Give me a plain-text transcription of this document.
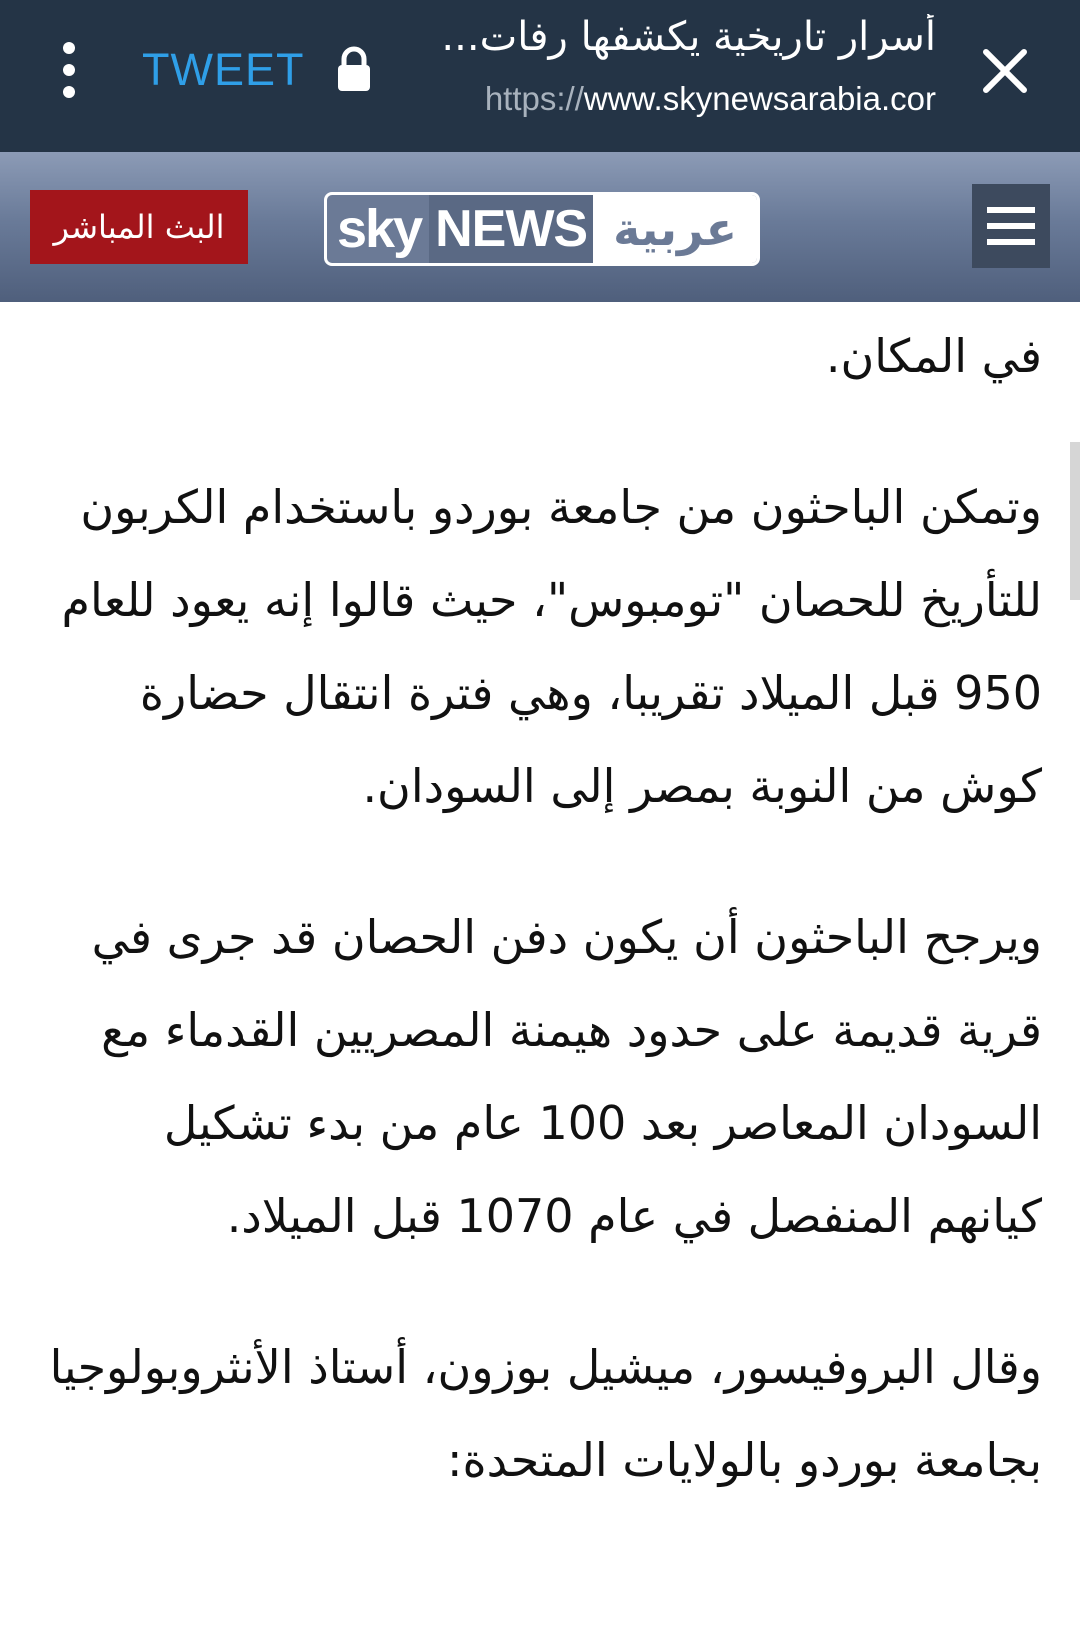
أسرار تاريخية يكشفها رفات...
https://www.skynewsarabia.cor
TWEET
البث المباشر	sky NEWS عربية

في المكان.

وتمكن الباحثون من جامعة بوردو باستخدام الكربون للتأريخ للحصان "تومبوس"، حيث قالوا إنه يعود للعام 950 قبل الميلاد تقريبا، وهي فترة انتقال حضارة كوش من النوبة بمصر إلى السودان.

ويرجح الباحثون أن يكون دفن الحصان قد جرى في قرية قديمة على حدود هيمنة المصريين القدماء مع السودان المعاصر بعد 100 عام من بدء تشكيل كيانهم المنفصل في عام 1070 قبل الميلاد.

وقال البروفيسور، ميشيل بوزون، أستاذ الأنثروبولوجيا بجامعة بوردو بالولايات المتحدة:
